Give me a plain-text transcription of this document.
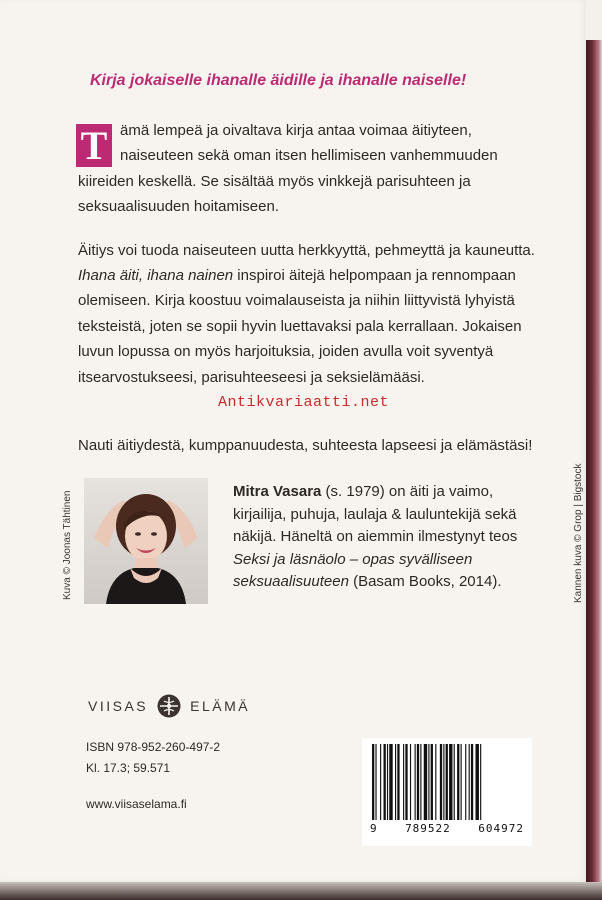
Kirja jokaiselle ihanalle äidille ja ihanalle naiselle!

T ämä lempeä ja oivaltava kirja antaa voimaa äitiyteen,
naiseuteen sekä oman itsen hellimiseen vanhemmuuden
kiireiden keskellä. Se sisältää myös vinkkejä parisuhteen ja
seksuaalisuuden hoitamiseen.

Äitiys voi tuoda naiseuteen uutta herkkyyttä, pehmeyttä ja kauneutta. Ihana äiti, ihana nainen inspiroi äitejä helpompaan ja rennompaan olemiseen. Kirja koostuu voimalauseista ja niihin liittyvistä lyhyistä teksteistä, joten se sopii hyvin luettavaksi pala kerrallaan. Jokaisen luvun lopussa on myös harjoituksia, joiden avulla voit syventyä itsearvostukseesi, parisuhteeseesi ja seksielämääsi.

Antikvariaatti.net

Nauti äitiydestä, kumppanuudesta, suhteesta lapseesi ja elämästäsi!

Kuva © Joonas Tähtinen	Mitra Vasara (s. 1979) on äiti ja vaimo, kirjailija, puhuja, laulaja & lauluntekijä sekä näkijä. Häneltä on aiemmin ilmestynyt teos Seksi ja läsnäolo – opas syvälliseen seksuaalisuuteen (Basam Books, 2014).	Kannen kuva © Grop | Bigstock
VIISAS	ELÄMÄ
ISBN 978-952-260-497-2
Kl. 17.3; 59.571
www.viisaselama.fi
9 789522 604972
